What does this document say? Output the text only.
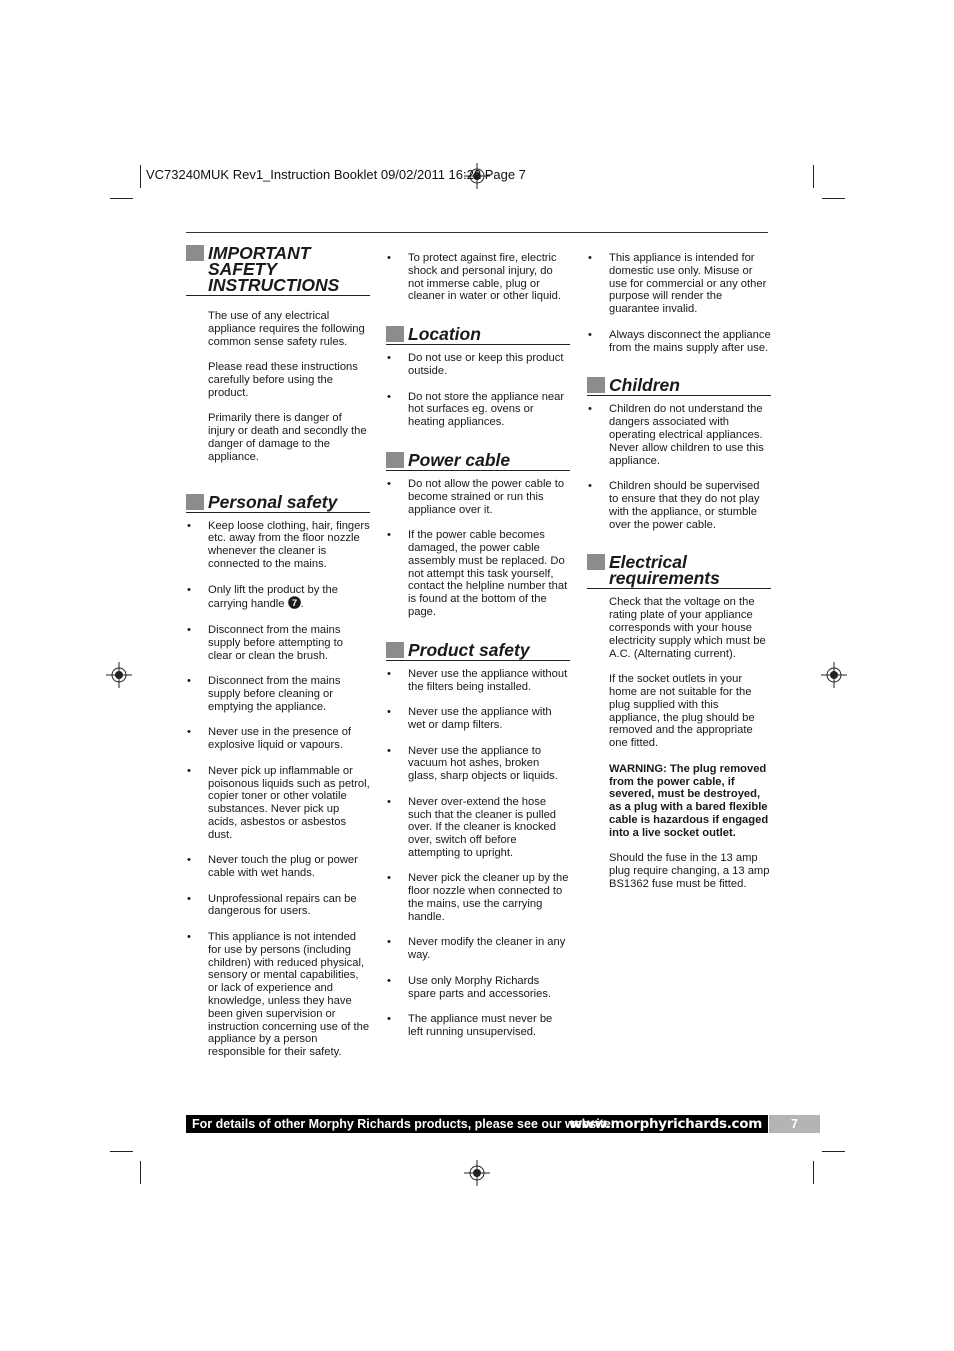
VC73240MUK Rev1_Instruction Booklet 09/02/2011 16:22 Page 7
IMPORTANT
SAFETY
INSTRUCTIONS

The use of any electrical appliance requires the following common sense safety rules.

Please read these instructions carefully before using the product.

Primarily there is danger of injury or death and secondly the danger of damage to the appliance.

Personal safety
• Keep loose clothing, hair, fingers etc. away from the floor nozzle whenever the cleaner is connected to the mains.
• Only lift the product by the carrying handle 7 .
• Disconnect from the mains supply before attempting to clear or clean the brush.
• Disconnect from the mains supply before cleaning or emptying the appliance.
• Never use in the presence of explosive liquid or vapours.
• Never pick up inflammable or poisonous liquids such as petrol, copier toner or other volatile substances. Never pick up acids, asbestos or asbestos dust.
• Never touch the plug or power cable with wet hands.
• Unprofessional repairs can be dangerous for users.
• This appliance is not intended for use by persons (including children) with reduced physical, sensory or mental capabilities, or lack of experience and knowledge, unless they have been given supervision or instruction concerning use of the appliance by a person responsible for their safety.
• To protect against fire, electric shock and personal injury, do not immerse cable, plug or cleaner in water or other liquid.
Location
• Do not use or keep this product outside.
• Do not store the appliance near hot surfaces eg. ovens or heating appliances.
Power cable
• Do not allow the power cable to become strained or run this appliance over it.
• If the power cable becomes damaged, the power cable assembly must be replaced. Do not attempt this task yourself, contact the helpline number that is found at the bottom of the page.
Product safety
• Never use the appliance without the filters being installed.
• Never use the appliance with wet or damp filters.
• Never use the appliance to vacuum hot ashes, broken glass, sharp objects or liquids.
• Never over-extend the hose such that the cleaner is pulled over. If the cleaner is knocked over, switch off before attempting to upright.
• Never pick the cleaner up by the floor nozzle when connected to the mains, use the carrying handle.
• Never modify the cleaner in any way.
• Use only Morphy Richards spare parts and accessories.
• The appliance must never be left running unsupervised.
• This appliance is intended for domestic use only. Misuse or use for commercial or any other purpose will render the guarantee invalid.
• Always disconnect the appliance from the mains supply after use.
Children
• Children do not understand the dangers associated with operating electrical appliances. Never allow children to use this appliance.
• Children should be supervised to ensure that they do not play with the appliance, or stumble over the power cable.
Electrical
requirements

Check that the voltage on the rating plate of your appliance corresponds with your house electricity supply which must be A.C. (Alternating current).

If the socket outlets in your home are not suitable for the plug supplied with this appliance, the plug should be removed and the appropriate one fitted.

WARNING: The plug removed from the power cable, if severed, must be destroyed, as a plug with a bared flexible cable is hazardous if engaged into a live socket outlet.

Should the fuse in the 13 amp plug require changing, a 13 amp BS1362 fuse must be fitted.

For details of other Morphy Richards products, please see our website:
www.morphyrichards.com	7
